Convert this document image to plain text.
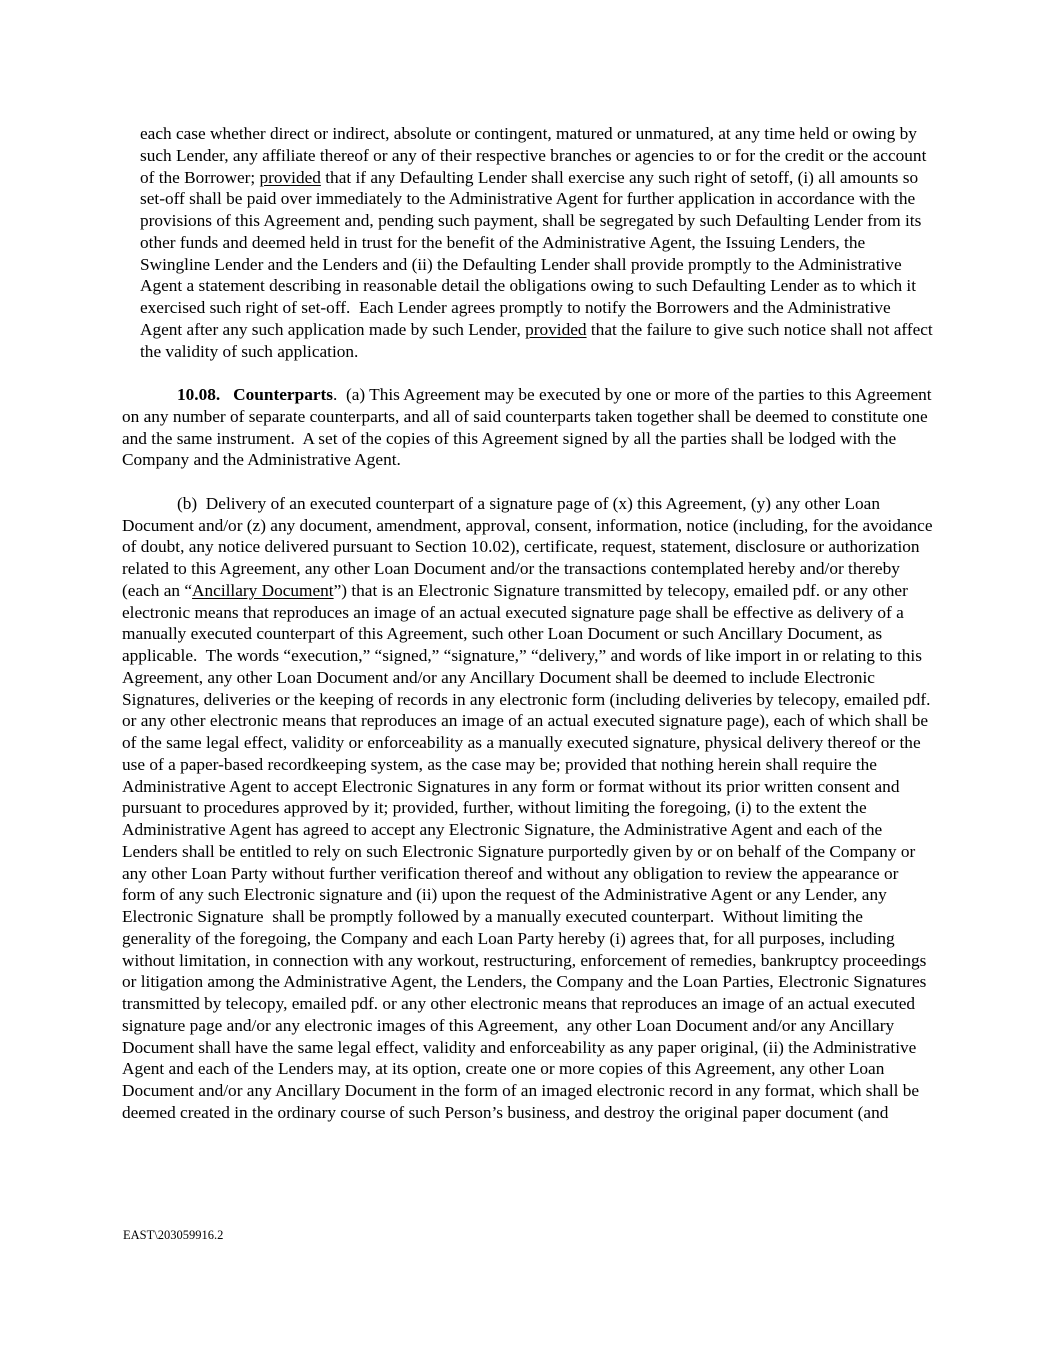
each case whether direct or indirect, absolute or contingent, matured or unmatured, at any time held or owing by such Lender, any affiliate thereof or any of their respective branches or agencies to or for the credit or the account of the Borrower; provided that if any Defaulting Lender shall exercise any such right of setoff, (i) all amounts so set-off shall be paid over immediately to the Administrative Agent for further application in accordance with the provisions of this Agreement and, pending such payment, shall be segregated by such Defaulting Lender from its other funds and deemed held in trust for the benefit of the Administrative Agent, the Issuing Lenders, the Swingline Lender and the Lenders and (ii) the Defaulting Lender shall provide promptly to the Administrative Agent a statement describing in reasonable detail the obligations owing to such Defaulting Lender as to which it exercised such right of set-off.  Each Lender agrees promptly to notify the Borrowers and the Administrative Agent after any such application made by such Lender, provided that the failure to give such notice shall not affect the validity of such application.

10.08.   Counterparts.  (a) This Agreement may be executed by one or more of the parties to this Agreement on any number of separate counterparts, and all of said counterparts taken together shall be deemed to constitute one and the same instrument.  A set of the copies of this Agreement signed by all the parties shall be lodged with the Company and the Administrative Agent.

(b)  Delivery of an executed counterpart of a signature page of (x) this Agreement, (y) any other Loan Document and/or (z) any document, amendment, approval, consent, information, notice (including, for the avoidance of doubt, any notice delivered pursuant to Section 10.02), certificate, request, statement, disclosure or authorization related to this Agreement, any other Loan Document and/or the transactions contemplated hereby and/or thereby (each an “Ancillary Document”) that is an Electronic Signature transmitted by telecopy, emailed pdf. or any other electronic means that reproduces an image of an actual executed signature page shall be effective as delivery of a manually executed counterpart of this Agreement, such other Loan Document or such Ancillary Document, as applicable.  The words “execution,” “signed,” “signature,” “delivery,” and words of like import in or relating to this Agreement, any other Loan Document and/or any Ancillary Document shall be deemed to include Electronic Signatures, deliveries or the keeping of records in any electronic form (including deliveries by telecopy, emailed pdf. or any other electronic means that reproduces an image of an actual executed signature page), each of which shall be of the same legal effect, validity or enforceability as a manually executed signature, physical delivery thereof or the use of a paper-based recordkeeping system, as the case may be; provided that nothing herein shall require the Administrative Agent to accept Electronic Signatures in any form or format without its prior written consent and pursuant to procedures approved by it; provided, further, without limiting the foregoing, (i) to the extent the Administrative Agent has agreed to accept any Electronic Signature, the Administrative Agent and each of the Lenders shall be entitled to rely on such Electronic Signature purportedly given by or on behalf of the Company or any other Loan Party without further verification thereof and without any obligation to review the appearance or form of any such Electronic signature and (ii) upon the request of the Administrative Agent or any Lender, any Electronic Signature  shall be promptly followed by a manually executed counterpart.  Without limiting the generality of the foregoing, the Company and each Loan Party hereby (i) agrees that, for all purposes, including without limitation, in connection with any workout, restructuring, enforcement of remedies, bankruptcy proceedings or litigation among the Administrative Agent, the Lenders, the Company and the Loan Parties, Electronic Signatures transmitted by telecopy, emailed pdf. or any other electronic means that reproduces an image of an actual executed signature page and/or any electronic images of this Agreement,  any other Loan Document and/or any Ancillary Document shall have the same legal effect, validity and enforceability as any paper original, (ii) the Administrative Agent and each of the Lenders may, at its option, create one or more copies of this Agreement, any other Loan Document and/or any Ancillary Document in the form of an imaged electronic record in any format, which shall be deemed created in the ordinary course of such Person’s business, and destroy the original paper document (and

EAST\203059916.2
